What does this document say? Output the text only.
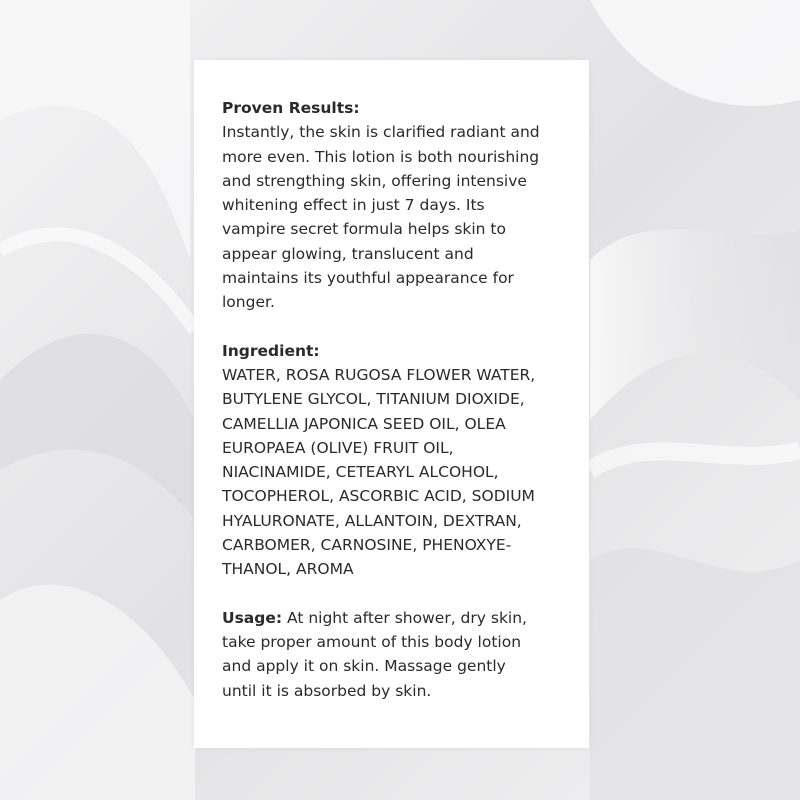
Proven Results:
Instantly, the skin is clarified radiant and
more even. This lotion is both nourishing
and strengthing skin, offering intensive
whitening effect in just 7 days. Its
vampire secret formula helps skin to
appear glowing, translucent and
maintains its youthful appearance for
longer.

Ingredient:
WATER, ROSA RUGOSA FLOWER WATER,
BUTYLENE GLYCOL, TITANIUM DIOXIDE,
CAMELLIA JAPONICA SEED OIL, OLEA
EUROPAEA (OLIVE) FRUIT OIL,
NIACINAMIDE, CETEARYL ALCOHOL,
TOCOPHEROL, ASCORBIC ACID, SODIUM
HYALURONATE, ALLANTOIN, DEXTRAN,
CARBOMER, CARNOSINE, PHENOXYE-
THANOL, AROMA

Usage: At night after shower, dry skin,
take proper amount of this body lotion
and apply it on skin. Massage gently
until it is absorbed by skin.
